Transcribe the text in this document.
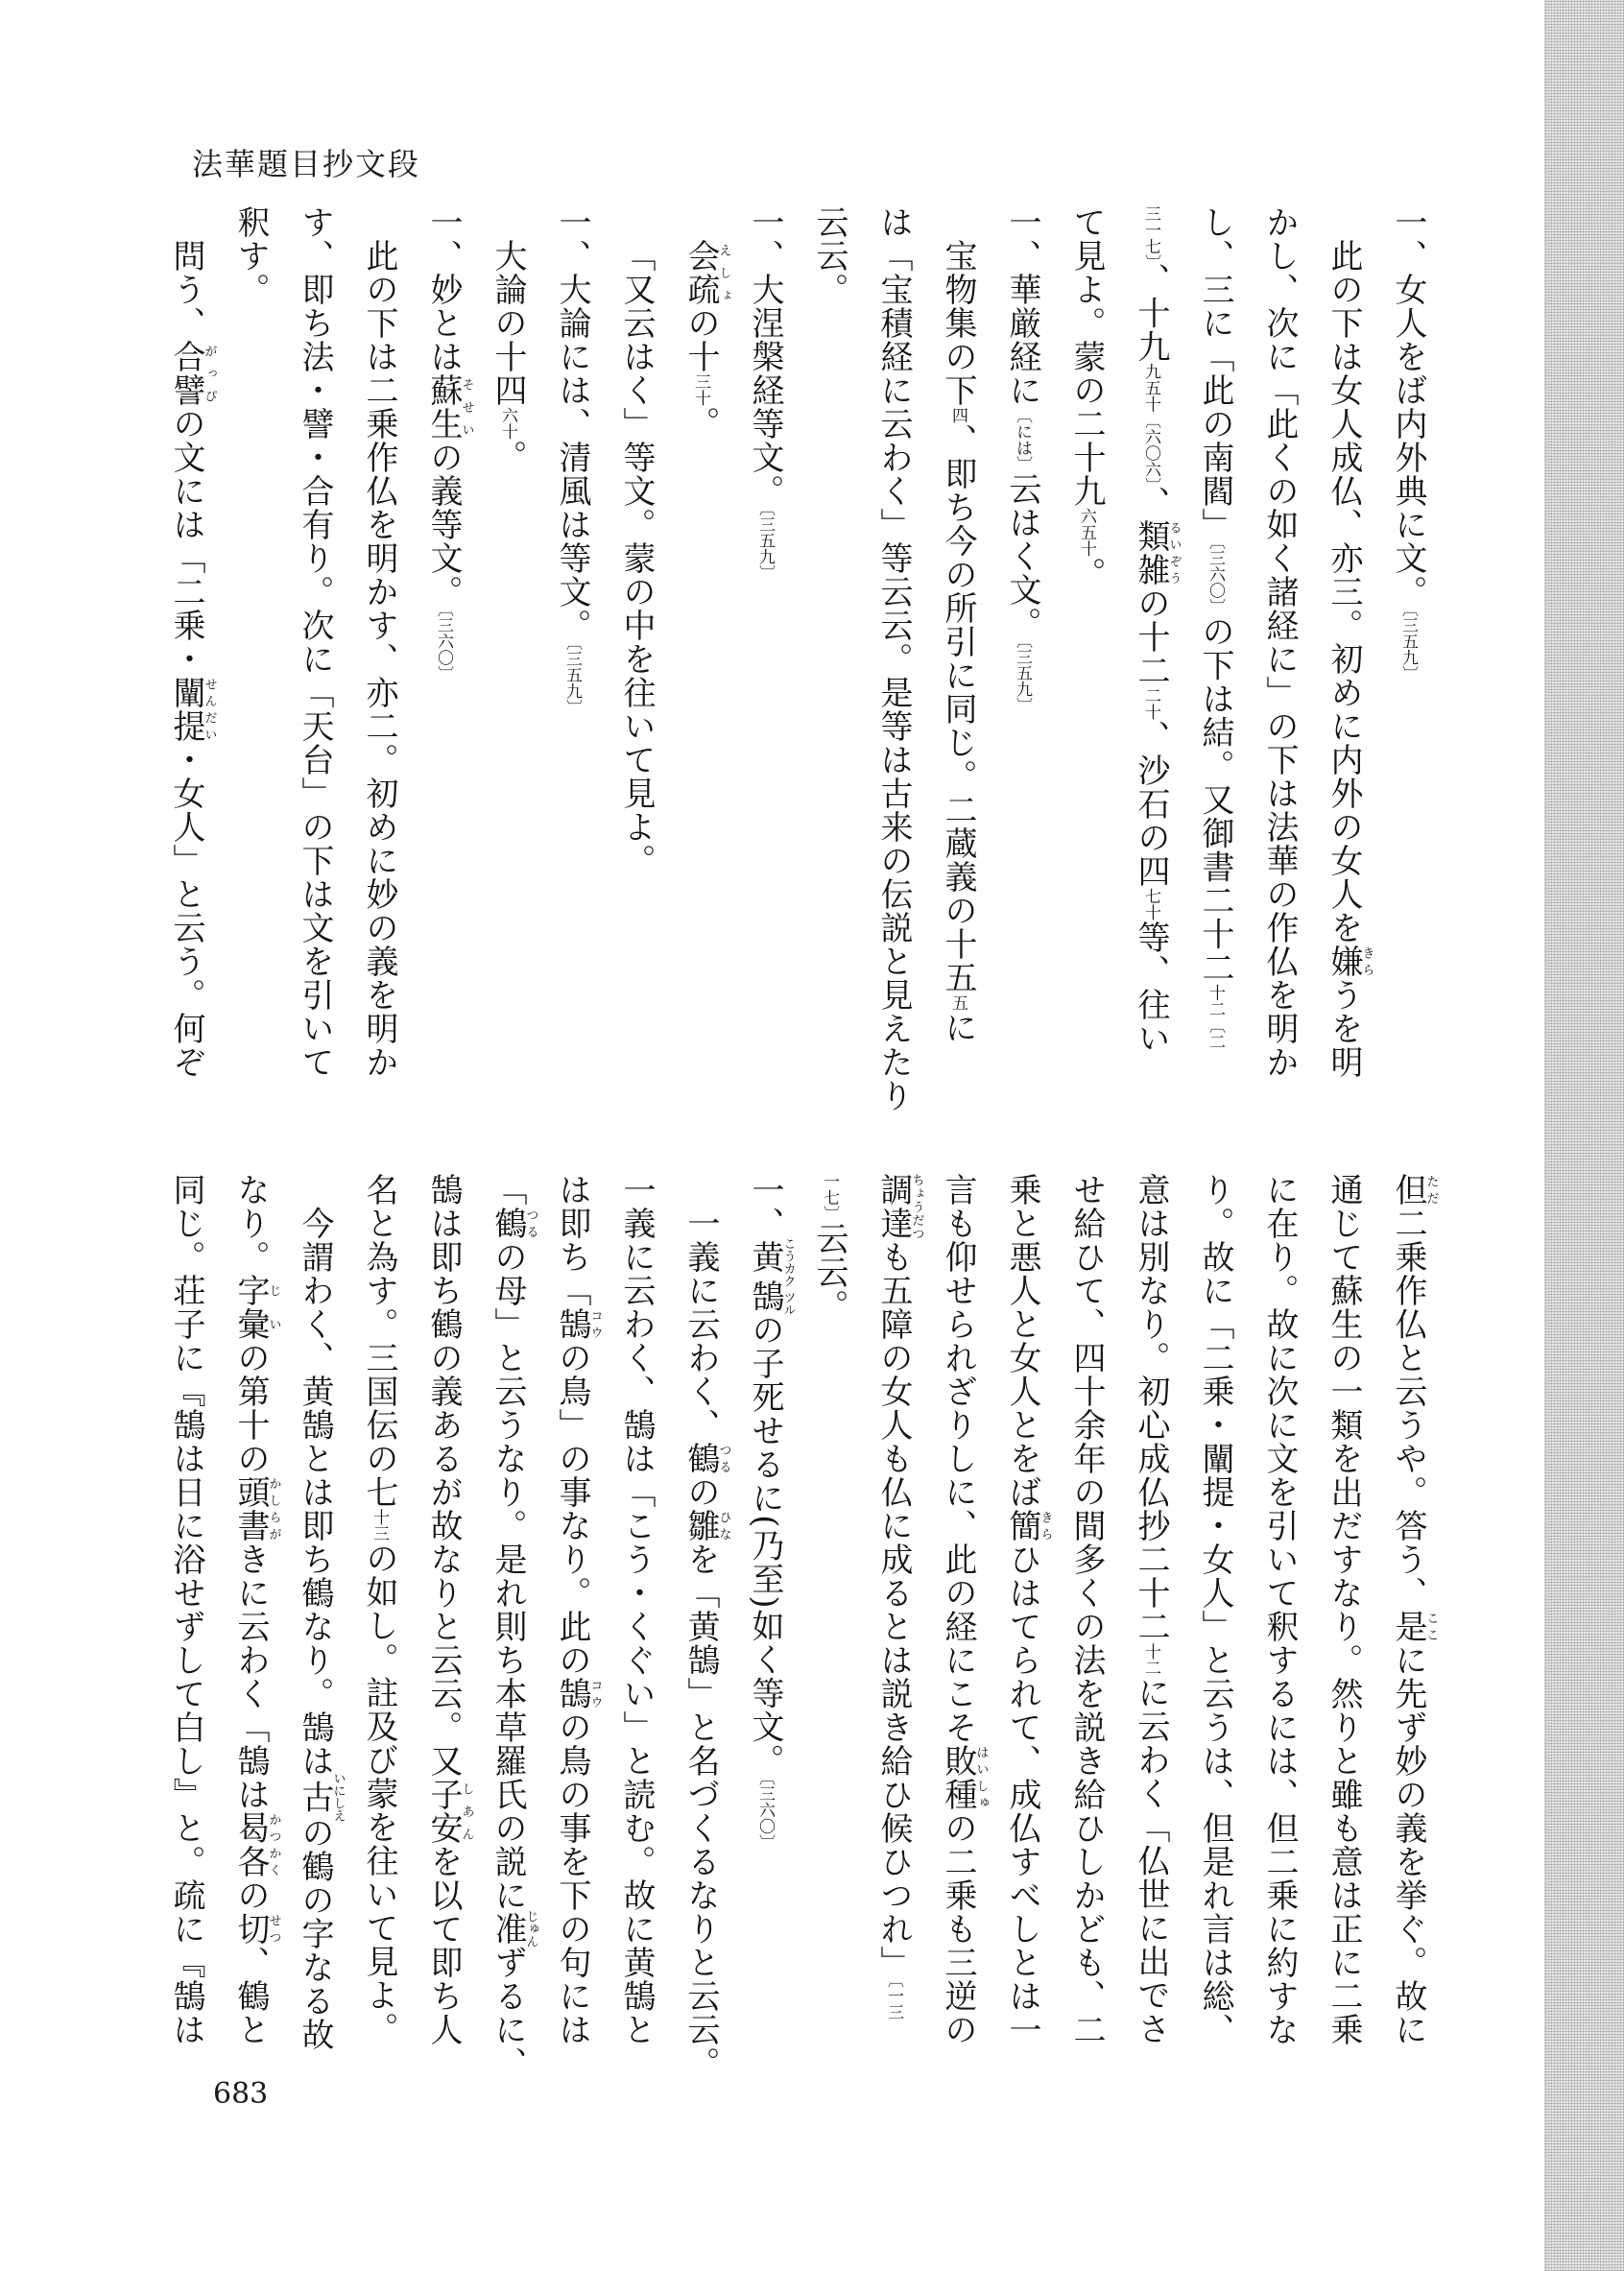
法華題目抄文段
一、女人をば内外典に文。〔三五九〕
此の下は女人成仏、亦三。初めに内外の女人を嫌きらうを明
かし、次に「此くの如く諸経に」の下は法華の作仏を明か
し、三に「此の南閻」〔三六〇〕の下は結。又御書二十二十二〔二
三一七〕、十九九五十〔六〇六〕、類雑るいぞうの十二二十、沙石の四七十等、往い
て見よ。蒙の二十九六五十。
一、華厳経に〔には〕云はく文。〔三五九〕
宝物集の下四、即ち今の所引に同じ。二蔵義の十五五に
は「宝積経に云わく」等云云。是等は古来の伝説と見えたり
云云。
一、大涅槃経等文。〔三五九〕
会疏えしょの十三十。
「又云はく」等文。蒙の中を往いて見よ。
一、大論には、清風は等文。〔三五九〕
大論の十四六十。
一、妙とは蘇生そせいの義等文。〔三六〇〕
此の下は二乗作仏を明かす、亦二。初めに妙の義を明か
す、即ち法・譬・合有り。次に「天台」の下は文を引いて
釈す。
問う、合譬がっぴの文には「二乗・闡提せんだい・女人」と云う。何ぞ
但ただ二乗作仏と云うや。答う、是ここに先ず妙の義を挙ぐ。故に
通じて蘇生の一類を出だすなり。然りと雖も意は正に二乗
に在り。故に次に文を引いて釈するには、但二乗に約すな
り。故に「二乗・闡提・女人」と云うは、但是れ言は総、
意は別なり。初心成仏抄二十二十二に云わく「仏世に出でさ
せ給ひて、四十余年の間多くの法を説き給ひしかども、二
乗と悪人と女人とをば簡きらひはてられて、成仏すべしとは一
言も仰せられざりしに、此の経にこそ敗種はいしゅの二乗も三逆の
調達ちょうだつも五障の女人も仏に成るとは説き給ひ候ひつれ」〔一三
一七〕云云。
一、黄鵠こうカク ツルの子死せるに(乃至)如く等文。〔三六〇〕
一義に云わく、鶴つるの雛ひなを「黄鵠」と名づくるなりと云云。
一義に云わく、鵠は「こう・くぐい」と読む。故に黄鵠と
は即ち「鵠コウの鳥」の事なり。此の鵠コウの鳥の事を下の句には
「鶴つるの母」と云うなり。是れ則ち本草羅氏の説に准じゅんずるに、
鵠は即ち鶴の義あるが故なりと云云。又子安しあんを以て即ち人
名と為す。三国伝の七十三の如し。註及び蒙を往いて見よ。
今謂わく、黄鵠とは即ち鶴なり。鵠は古いにしえの鶴の字なる故
なり。字彙じいの第十の頭書かしらがきに云わく「鵠は曷各かつかくの切せつ、鶴と
同じ。荘子に『鵠は日に浴せずして白し』と。疏に『鵠は
683
